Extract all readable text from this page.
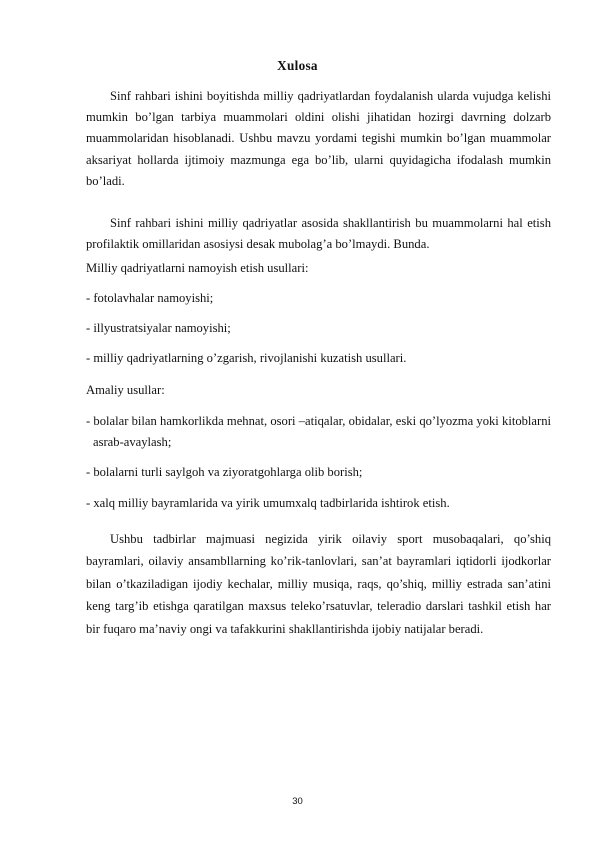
Xulosa

Sinf rahbari ishini boyitishda milliy qadriyatlardan foydalanish ularda vujudga kelishi mumkin bo’lgan tarbiya muammolari oldini olishi jihatidan hozirgi davrning dolzarb muammolaridan hisoblanadi. Ushbu mavzu yordami tegishi mumkin bo’lgan muammolar aksariyat hollarda ijtimoiy mazmunga ega bo’lib, ularni quyidagicha ifodalash mumkin bo’ladi.

Sinf rahbari ishini milliy qadriyatlar asosida shakllantirish bu muammolarni hal etish profilaktik omillaridan asosiysi desak mubolag’a bo’lmaydi. Bunda.

Milliy qadriyatlarni namoyish etish usullari:

- fotolavhalar namoyishi;

- illyustratsiyalar namoyishi;

- milliy qadriyatlarning o’zgarish, rivojlanishi kuzatish usullari.

Amaliy usullar:

- bolalar bilan hamkorlikda mehnat, osori –atiqalar, obidalar, eski qo’lyozma yoki kitoblarni asrab-avaylash;

- bolalarni turli saylgoh va ziyoratgohlarga olib borish;

- xalq milliy bayramlarida va yirik umumxalq tadbirlarida ishtirok etish.

Ushbu tadbirlar majmuasi negizida yirik oilaviy sport musobaqalari, qo’shiq bayramlari, oilaviy ansambllarning ko’rik-tanlovlari, san’at bayramlari iqtidorli ijodkorlar bilan o’tkaziladigan ijodiy kechalar, milliy musiqa, raqs, qo’shiq, milliy estrada san’atini keng targ’ib etishga qaratilgan maxsus teleko’rsatuvlar, teleradio darslari tashkil etish har bir fuqaro ma’naviy ongi va tafakkurini shakllantirishda ijobiy natijalar beradi.

30
